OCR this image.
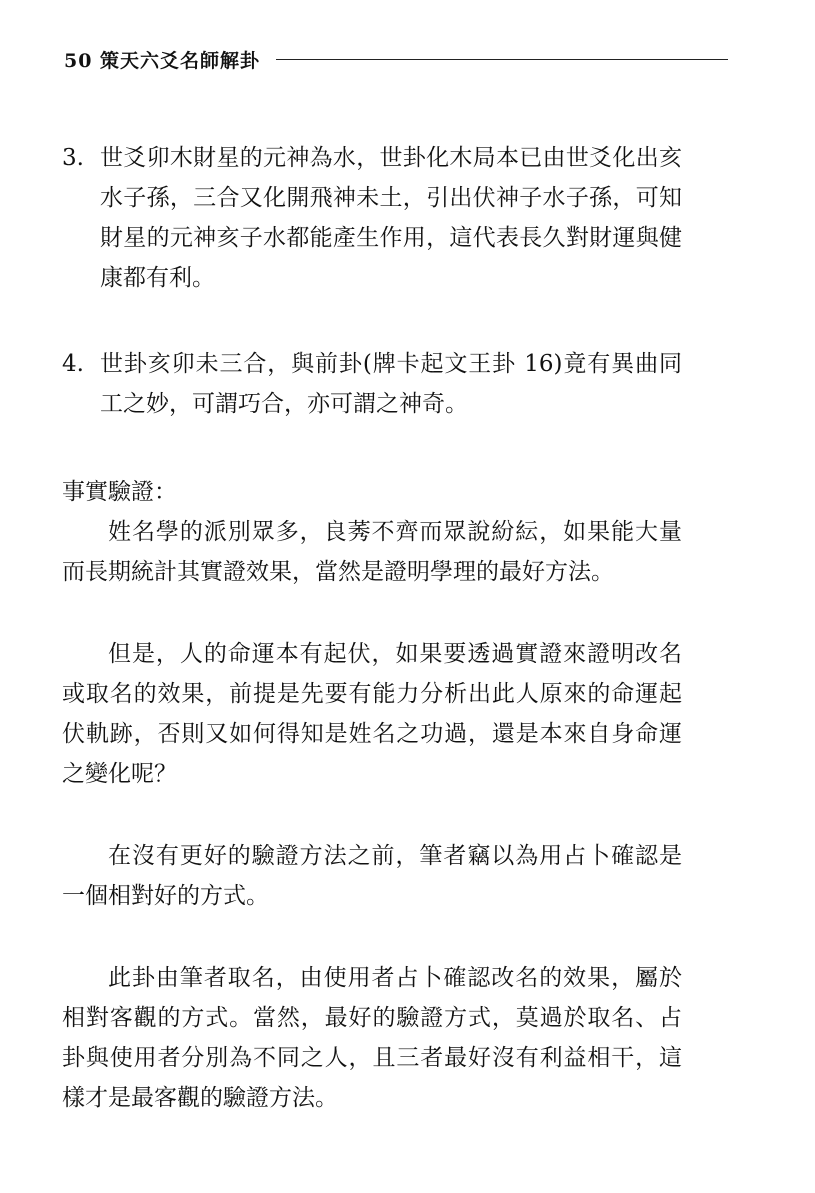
50 策天六爻名師解卦
3. 世爻卯木財星的元神為水，世卦化木局本已由世爻化出亥水子孫，三合又化開飛神未土，引出伏神子水子孫，可知財星的元神亥子水都能產生作用，這代表長久對財運與健康都有利。

4. 世卦亥卯未三合，與前卦(牌卡起文王卦 16)竟有異曲同工之妙，可謂巧合，亦可謂之神奇。

事實驗證：

姓名學的派別眾多，良莠不齊而眾說紛紜，如果能大量而長期統計其實證效果，當然是證明學理的最好方法。

但是，人的命運本有起伏，如果要透過實證來證明改名或取名的效果，前提是先要有能力分析出此人原來的命運起伏軌跡，否則又如何得知是姓名之功過，還是本來自身命運之變化呢？

在沒有更好的驗證方法之前，筆者竊以為用占卜確認是一個相對好的方式。

此卦由筆者取名，由使用者占卜確認改名的效果，屬於相對客觀的方式。當然，最好的驗證方式，莫過於取名、占卦與使用者分別為不同之人，且三者最好沒有利益相干，這樣才是最客觀的驗證方法。
